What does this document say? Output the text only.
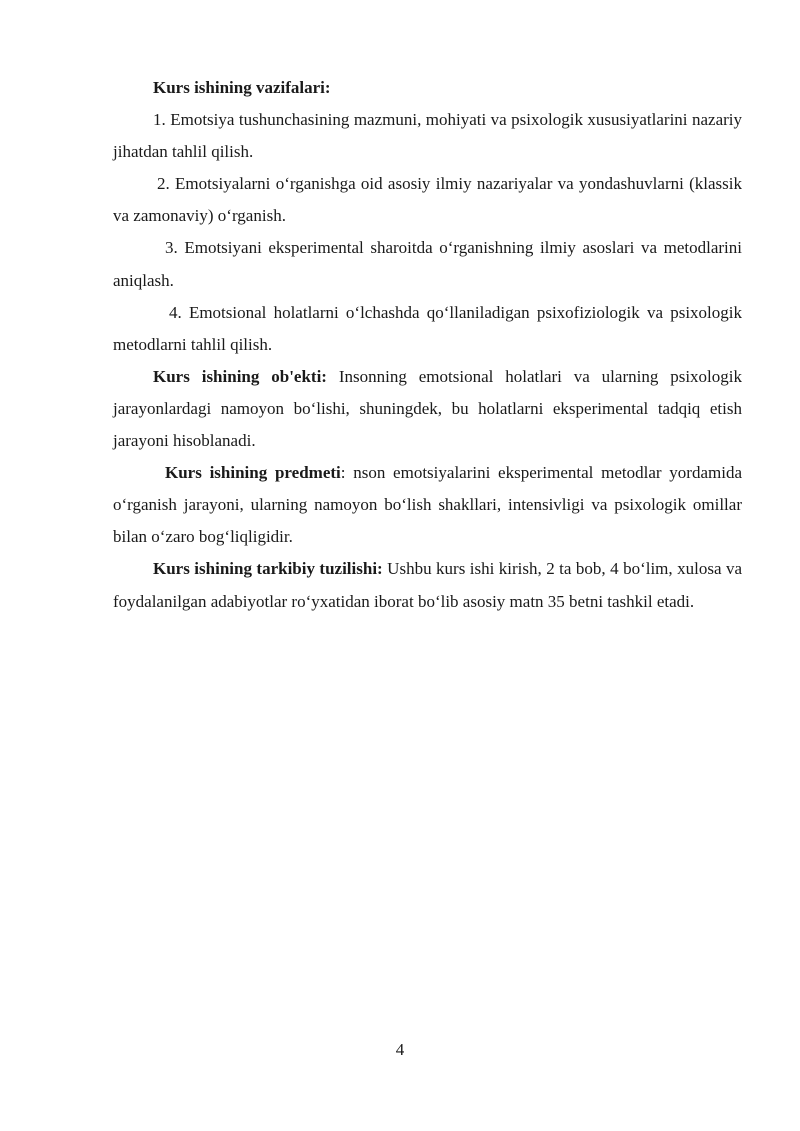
Kurs ishining vazifalari:

1. Emotsiya tushunchasining mazmuni, mohiyati va psixologik xususiyatlarini nazariy jihatdan tahlil qilish.

2. Emotsiyalarni o‘rganishga oid asosiy ilmiy nazariyalar va yondashuvlarni (klassik va zamonaviy) o‘rganish.

3. Emotsiyani eksperimental sharoitda o‘rganishning ilmiy asoslari va metodlarini aniqlash.

4. Emotsional holatlarni o‘lchashda qo‘llaniladigan psixofiziologik va psixologik metodlarni tahlil qilish.

Kurs ishining ob'ekti: Insonning emotsional holatlari va ularning psixologik jarayonlardagi namoyon bo‘lishi, shuningdek, bu holatlarni eksperimental tadqiq etish jarayoni hisoblanadi.

Kurs ishining predmeti: nson emotsiyalarini eksperimental metodlar yordamida o‘rganish jarayoni, ularning namoyon bo‘lish shakllari, intensivligi va psixologik omillar bilan o‘zaro bog‘liqligidir.

Kurs ishining tarkibiy tuzilishi: Ushbu kurs ishi kirish, 2 ta bob, 4 bo‘lim, xulosa va foydalanilgan adabiyotlar ro‘yxatidan iborat bo‘lib asosiy matn 35 betni tashkil etadi.

4
